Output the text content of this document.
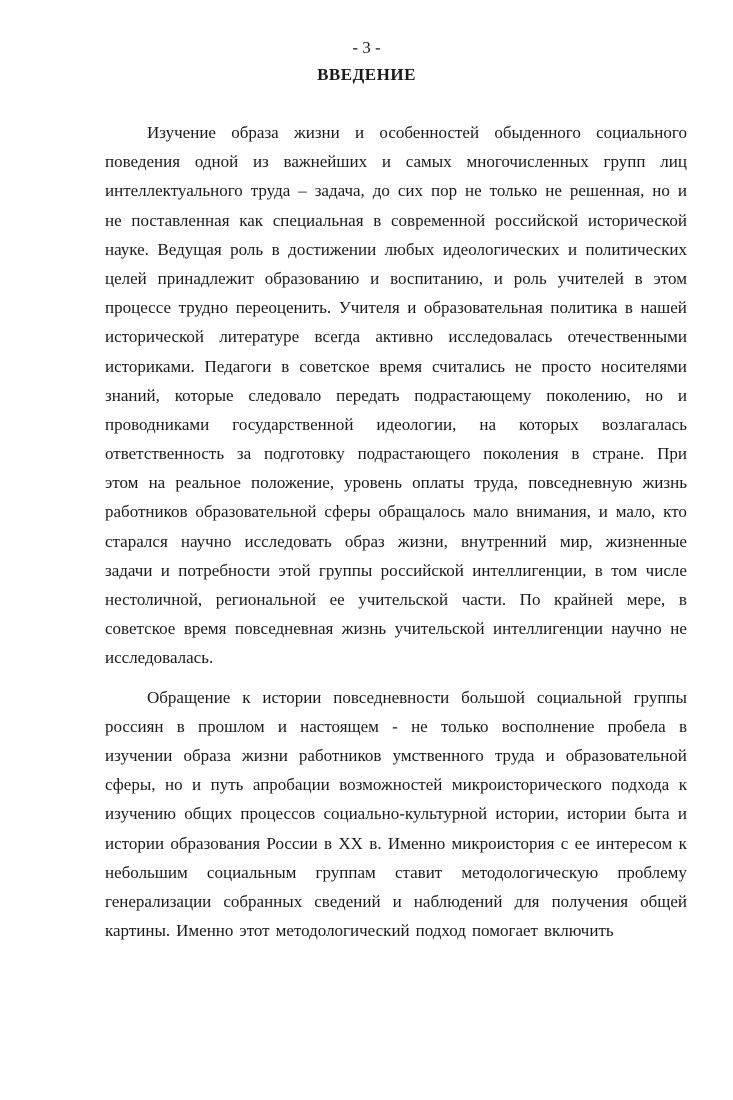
- 3 -
ВВЕДЕНИЕ
Изучение образа жизни и особенностей обыденного социального
поведения одной из важнейших и самых многочисленных групп лиц
интеллектуального труда – задача, до сих пор не только не решенная, но и
не поставленная как специальная в современной российской исторической
науке. Ведущая роль в достижении любых идеологических и политических
целей принадлежит образованию и воспитанию, и роль учителей в этом
процессе трудно переоценить. Учителя и образовательная политика в нашей
исторической литературе всегда активно исследовалась отечественными
историками. Педагоги в советское время считались не просто носителями
знаний, которые следовало передать подрастающему поколению, но и
проводниками государственной идеологии, на которых возлагалась
ответственность за подготовку подрастающего поколения в стране. При
этом на реальное положение, уровень оплаты труда, повседневную жизнь
работников образовательной сферы обращалось мало внимания, и мало, кто
старался научно исследовать образ жизни, внутренний мир, жизненные
задачи и потребности этой группы российской интеллигенции, в том числе
нестоличной, региональной ее учительской части. По крайней мере, в
советское время повседневная жизнь учительской интеллигенции научно не
исследовалась.
Обращение к истории повседневности большой социальной группы
россиян в прошлом и настоящем - не только восполнение пробела в
изучении образа жизни работников умственного труда и образовательной
сферы, но и путь апробации возможностей микроисторического подхода к
изучению общих процессов социально-культурной истории, истории быта и
истории образования России в XX в. Именно микроистория с ее интересом к
небольшим социальным группам ставит методологическую проблему
генерализации собранных сведений и наблюдений для получения общей
картины. Именно этот методологический подход помогает включить
